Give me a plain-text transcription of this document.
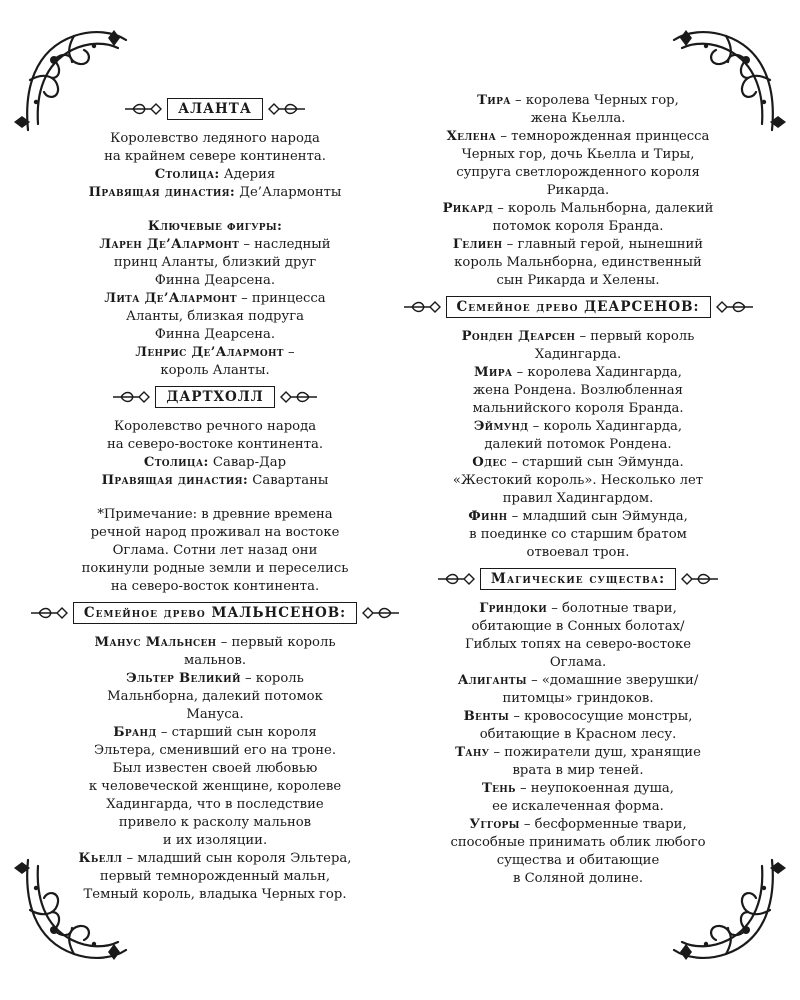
АЛАНТА
Королевство ледяного народа
на крайнем севере континента.
Столица: Адерия
Правящая династия: Де’Алармонты
Ключевые фигуры:
Ларен Де’Алармонт – наследный
принц Аланты, близкий друг
Финна Деарсена.
Лита Де’Алармонт – принцесса
Аланты, близкая подруга
Финна Деарсена.
Ленрис Де’Алармонт –
король Аланты.
ДАРТХОЛЛ
Королевство речного народа
на северо-востоке континента.
Столица: Савар-Дар
Правящая династия: Савартаны
*Примечание: в древние времена
речной народ проживал на востоке
Оглама. Сотни лет назад они
покинули родные земли и переселись
на северо-восток континента.
Семейное древо МАЛЬНСЕНОВ:
Манус Мальнсен – первый король
мальнов.
Эльтер Великий – король
Мальнборна, далекий потомок
Мануса.
Бранд – старший сын короля
Эльтера, сменивший его на троне.
Был известен своей любовью
к человеческой женщине, королеве
Хадингарда, что в последствие
привело к расколу мальнов
и их изоляции.
Кьелл – младший сын короля Эльтера,
первый темнорожденный мальн,
Темный король, владыка Черных гор.
Тира – королева Черных гор,
жена Кьелла.
Хелена – темнорожденная принцесса
Черных гор, дочь Кьелла и Тиры,
супруга светлорожденного короля
Рикарда.
Рикард – король Мальнборна, далекий
потомок короля Бранда.
Гелиен – главный герой, нынешний
король Мальнборна, единственный
сын Рикарда и Хелены.
Семейное древо ДЕАРСЕНОВ:
Ронден Деарсен – первый король
Хадингарда.
Мира – королева Хадингарда,
жена Рондена. Возлюбленная
мальнийского короля Бранда.
Эймунд – король Хадингарда,
далекий потомок Рондена.
Одес – старший сын Эймунда.
«Жестокий король». Несколько лет
правил Хадингардом.
Финн – младший сын Эймунда,
в поединке со старшим братом
отвоевал трон.
Магические существа:
Гриндоки – болотные твари,
обитающие в Сонных болотах/
Гиблых топях на северо-востоке
Оглама.
Алиганты – «домашние зверушки/
питомцы» гриндоков.
Венты – кровососущие монстры,
обитающие в Красном лесу.
Тану – пожиратели душ, хранящие
врата в мир теней.
Тень – неупокоенная душа,
ее искалеченная форма.
Уггоры – бесформенные твари,
способные принимать облик любого
существа и обитающие
в Соляной долине.
